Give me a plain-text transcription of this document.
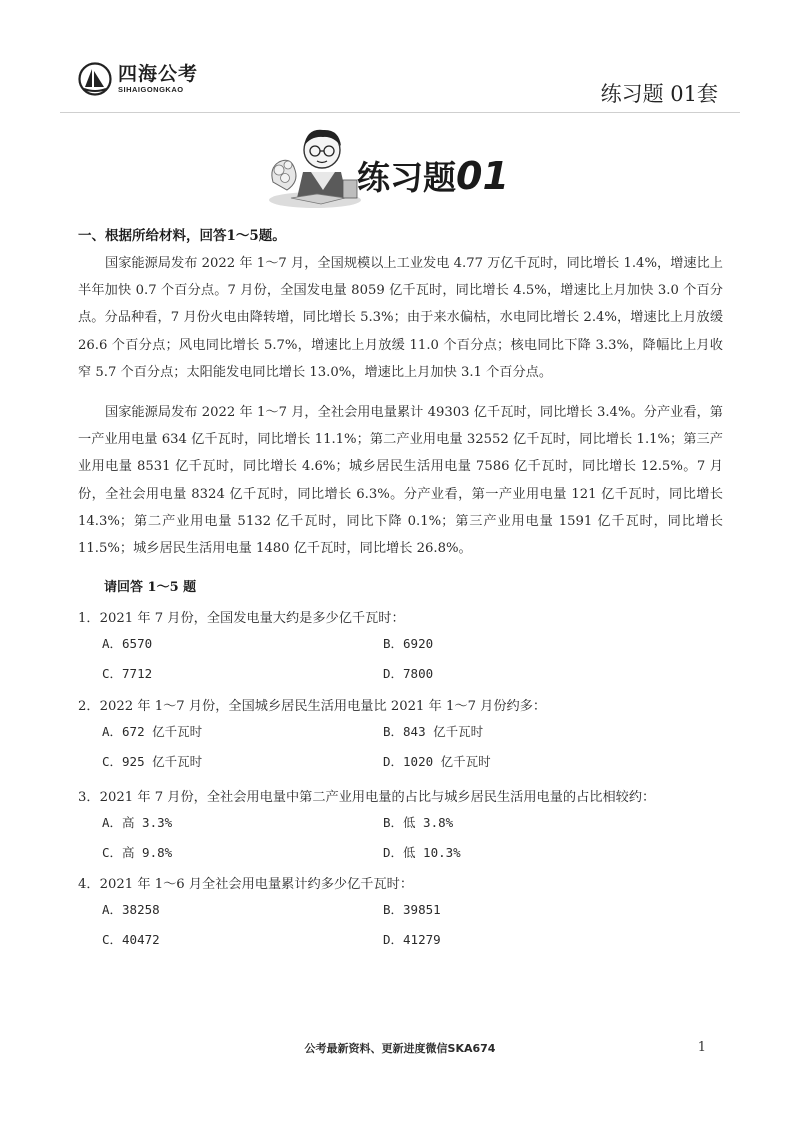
四海公考
SIHAIGONGKAO	练习题 01套
练习题01
一、根据所给材料，回答1～5题。

国家能源局发布 2022 年 1～7 月，全国规模以上工业发电 4.77 万亿千瓦时，同比增长 1.4%，增速比上半年加快 0.7 个百分点。7 月份，全国发电量 8059 亿千瓦时，同比增长 4.5%，增速比上月加快 3.0 个百分点。分品种看，7 月份火电由降转增，同比增长 5.3%；由于来水偏枯，水电同比增长 2.4%，增速比上月放缓 26.6 个百分点；风电同比增长 5.7%，增速比上月放缓 11.0 个百分点；核电同比下降 3.3%，降幅比上月收窄 5.7 个百分点；太阳能发电同比增长 13.0%，增速比上月加快 3.1 个百分点。

国家能源局发布 2022 年 1～7 月，全社会用电量累计 49303 亿千瓦时，同比增长 3.4%。分产业看，第一产业用电量 634 亿千瓦时，同比增长 11.1%；第二产业用电量 32552 亿千瓦时，同比增长 1.1%；第三产业用电量 8531 亿千瓦时，同比增长 4.6%；城乡居民生活用电量 7586 亿千瓦时，同比增长 12.5%。7 月份，全社会用电量 8324 亿千瓦时，同比增长 6.3%。分产业看，第一产业用电量 121 亿千瓦时，同比增长 14.3%；第二产业用电量 5132 亿千瓦时，同比下降 0.1%；第三产业用电量 1591 亿千瓦时，同比增长 11.5%；城乡居民生活用电量 1480 亿千瓦时，同比增长 26.8%。

请回答 1～5 题
1．2021 年 7 月份，全国发电量大约是多少亿千瓦时：
A．6570	B．6920
C．7712	D．7800
2．2022 年 1～7 月份，全国城乡居民生活用电量比 2021 年 1～7 月份约多：
A．672 亿千瓦时	B．843 亿千瓦时
C．925 亿千瓦时	D．1020 亿千瓦时
3．2021 年 7 月份，全社会用电量中第二产业用电量的占比与城乡居民生活用电量的占比相较约：
A．高 3.3%	B．低 3.8%
C．高 9.8%	D．低 10.3%
4．2021 年 1～6 月全社会用电量累计约多少亿千瓦时：
A．38258	B．39851
C．40472	D．41279
公考最新资料、更新进度微信SKA674	1
